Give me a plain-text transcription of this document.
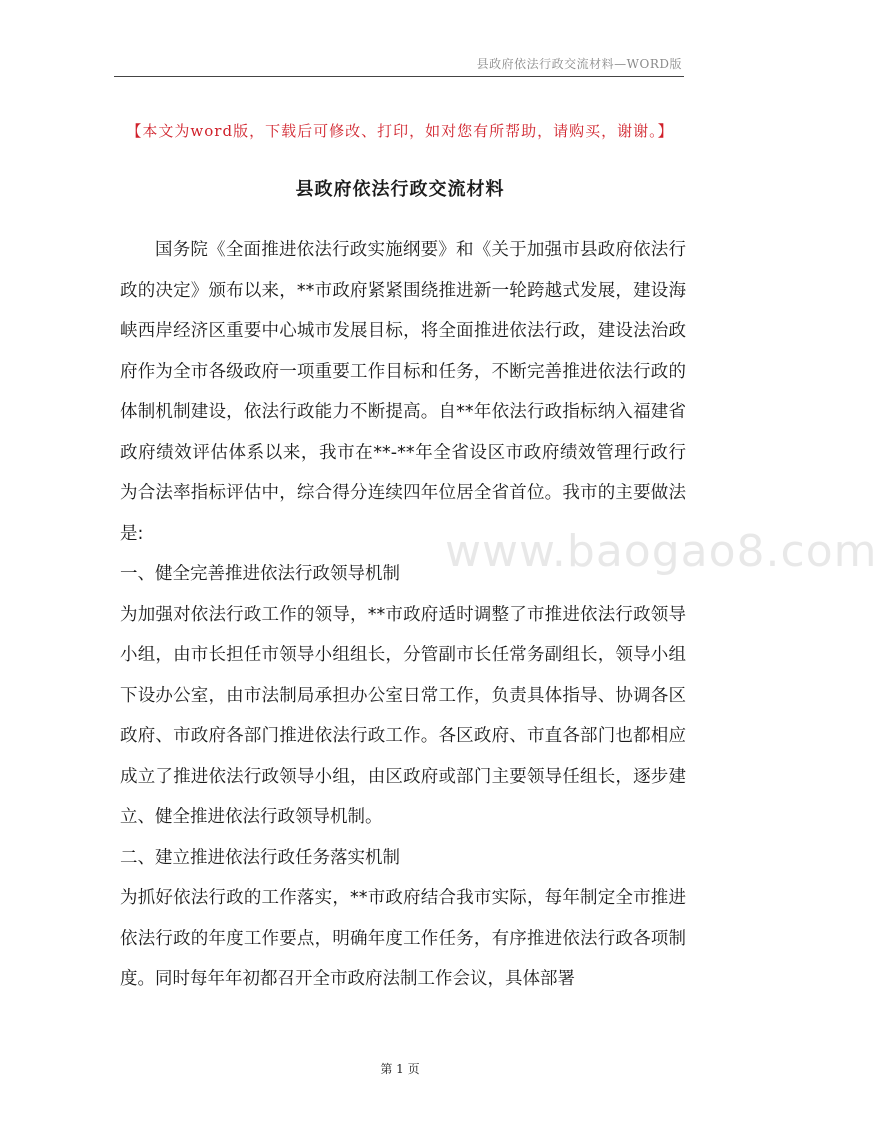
县政府依法行政交流材料—WORD版
【本文为word版，下载后可修改、打印，如对您有所帮助，请购买，谢谢。】
县政府依法行政交流材料

国务院《全面推进依法行政实施纲要》和《关于加强市县政府依法行政的决定》颁布以来，**市政府紧紧围绕推进新一轮跨越式发展，建设海峡西岸经济区重要中心城市发展目标，将全面推进依法行政，建设法治政府作为全市各级政府一项重要工作目标和任务，不断完善推进依法行政的体制机制建设，依法行政能力不断提高。自**年依法行政指标纳入福建省政府绩效评估体系以来，我市在**-**年全省设区市政府绩效管理行政行为合法率指标评估中，综合得分连续四年位居全省首位。我市的主要做法是:

一、健全完善推进依法行政领导机制

为加强对依法行政工作的领导，**市政府适时调整了市推进依法行政领导小组，由市长担任市领导小组组长，分管副市长任常务副组长，领导小组下设办公室，由市法制局承担办公室日常工作，负责具体指导、协调各区政府、市政府各部门推进依法行政工作。各区政府、市直各部门也都相应成立了推进依法行政领导小组，由区政府或部门主要领导任组长，逐步建立、健全推进依法行政领导机制。

二、建立推进依法行政任务落实机制

为抓好依法行政的工作落实，**市政府结合我市实际，每年制定全市推进依法行政的年度工作要点，明确年度工作任务，有序推进依法行政各项制度。同时每年年初都召开全市政府法制工作会议，具体部署

www.baogao8.com
第 1 页
